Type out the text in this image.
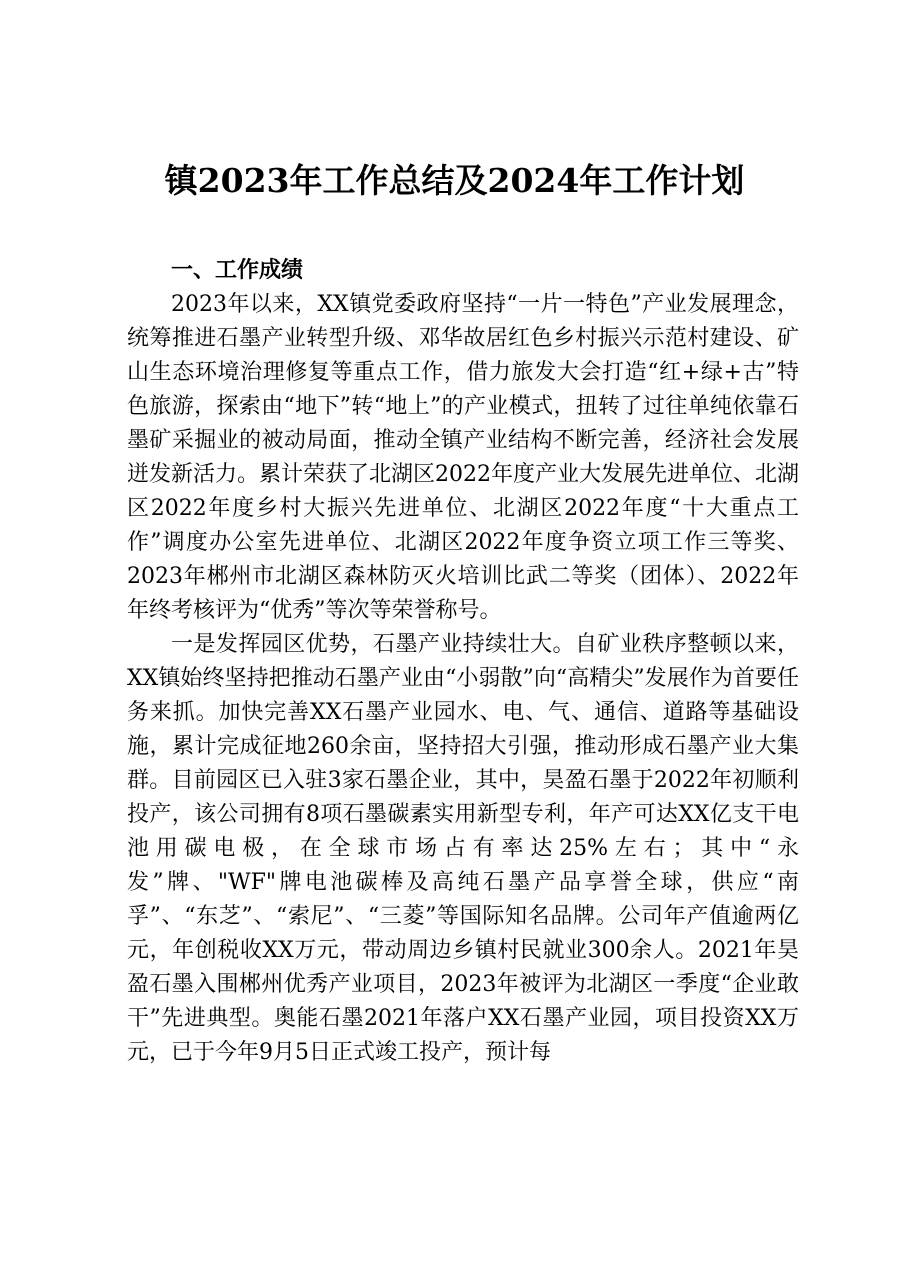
镇2023年工作总结及2024年工作计划

一、工作成绩

2023年以来，XX镇党委政府坚持“一片一特色”产业发展理念，统筹推进石墨产业转型升级、邓华故居红色乡村振兴示范村建设、矿山生态环境治理修复等重点工作，借力旅发大会打造“红+绿+古”特色旅游，探索由“地下”转“地上”的产业模式，扭转了过往单纯依靠石墨矿采掘业的被动局面，推动全镇产业结构不断完善，经济社会发展迸发新活力。累计荣获了北湖区2022年度产业大发展先进单位、北湖区2022年度乡村大振兴先进单位、北湖区2022年度“十大重点工作”调度办公室先进单位、北湖区2022年度争资立项工作三等奖、2023年郴州市北湖区森林防灭火培训比武二等奖（团体）、2022年年终考核评为“优秀”等次等荣誉称号。

一是发挥园区优势，石墨产业持续壮大。自矿业秩序整顿以来，XX镇始终坚持把推动石墨产业由“小弱散”向“高精尖”发展作为首要任务来抓。加快完善XX石墨产业园水、电、气、通信、道路等基础设施，累计完成征地260余亩，坚持招大引强，推动形成石墨产业大集群。目前园区已入驻3家石墨企业，其中，昊盈石墨于2022年初顺利投产，该公司拥有8项石墨碳素实用新型专利，年产可达XX亿支干电池用碳电极，在全球市场占有率达25%左右；其中“永发”牌、"WF"牌电池碳棒及高纯石墨产品享誉全球，供应“南孚”、“东芝”、“索尼”、“三菱”等国际知名品牌。公司年产值逾两亿元，年创税收XX万元，带动周边乡镇村民就业300余人。2021年昊盈石墨入围郴州优秀产业项目，2023年被评为北湖区一季度“企业敢干”先进典型。奥能石墨2021年落户XX石墨产业园，项目投资XX万元，已于今年9月5日正式竣工投产，预计每
